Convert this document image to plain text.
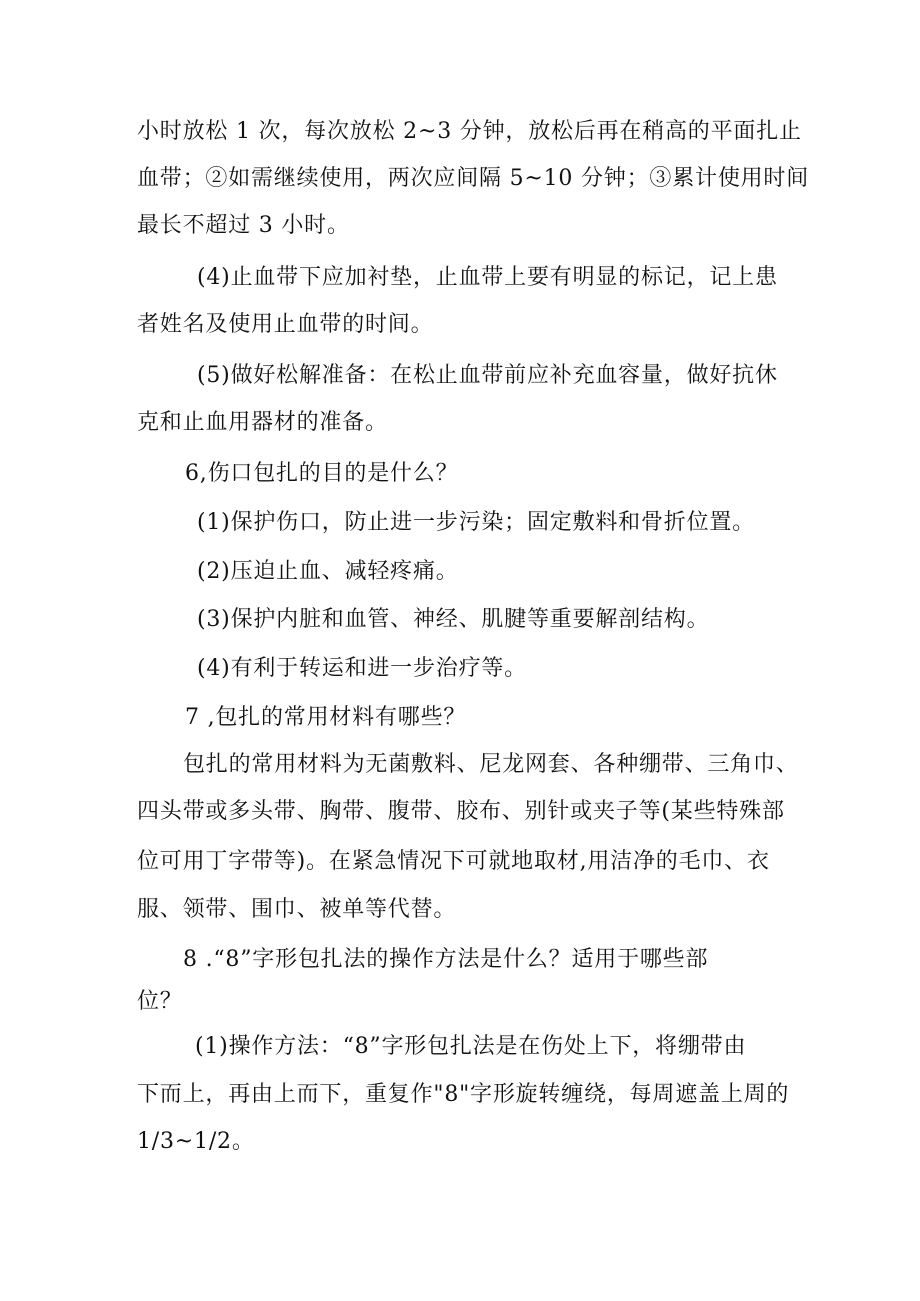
小时放松 1 次，每次放松 2~3 分钟，放松后再在稍高的平面扎止

血带；②如需继续使用，两次应间隔 5~10 分钟；③累计使用时间

最长不超过 3 小时。

(4)止血带下应加衬垫，止血带上要有明显的标记，记上患

者姓名及使用止血带的时间。

(5)做好松解准备：在松止血带前应补充血容量，做好抗休

克和止血用器材的准备。

6,伤口包扎的目的是什么？

(1)保护伤口，防止进一步污染；固定敷料和骨折位置。

(2)压迫止血、减轻疼痛。

(3)保护内脏和血管、神经、肌腱等重要解剖结构。

(4)有利于转运和进一步治疗等。

7 ,包扎的常用材料有哪些？

包扎的常用材料为无菌敷料、尼龙网套、各种绷带、三角巾、

四头带或多头带、胸带、腹带、胶布、别针或夹子等(某些特殊部

位可用丁字带等)。在紧急情况下可就地取材,用洁净的毛巾、衣

服、领带、围巾、被单等代替。

8 .“8”字形包扎法的操作方法是什么？适用于哪些部

位？

(1)操作方法：“8”字形包扎法是在伤处上下，将绷带由

下而上，再由上而下，重复作"8"字形旋转缠绕，每周遮盖上周的

1/3~1/2。
